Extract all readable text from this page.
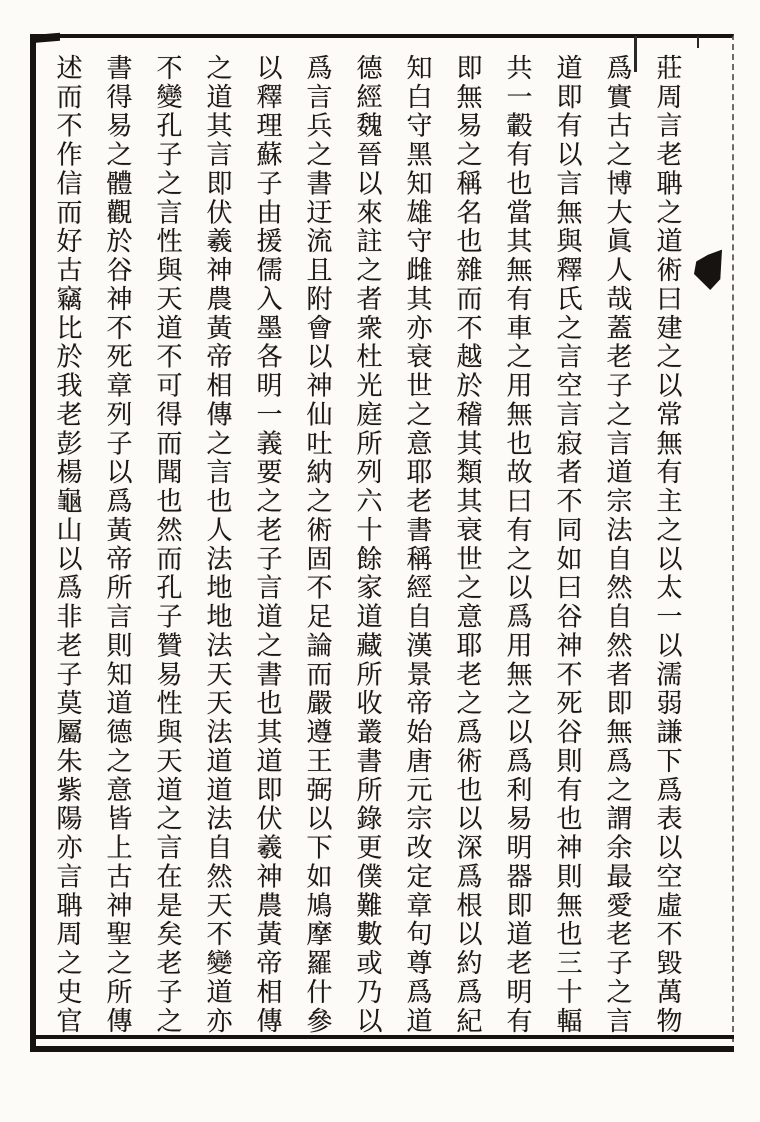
莊周言老聃之道術曰建之以常無有主之以太一以濡弱謙下爲表以空虛不毀萬物
爲實古之博大眞人哉蓋老子之言道宗法自然自然者即無爲之謂余最愛老子之言
道即有以言無與釋氏之言空言寂者不同如曰谷神不死谷則有也神則無也三十輻
共一轂有也當其無有車之用無也故曰有之以爲用無之以爲利易明器即道老明有
即無易之稱名也雜而不越於稽其類其衰世之意耶老之爲術也以深爲根以約爲紀
知白守黑知雄守雌其亦衰世之意耶老書稱經自漢景帝始唐元宗改定章句尊爲道
德經魏晉以來註之者衆杜光庭所列六十餘家道藏所收叢書所錄更僕難數或乃以
爲言兵之書迂流且附會以神仙吐納之術固不足論而嚴遵王弼以下如鳩摩羅什參
以釋理蘇子由援儒入墨各明一義要之老子言道之書也其道即伏羲神農黃帝相傳
之道其言即伏羲神農黃帝相傳之言也人法地地法天天法道道法自然天不變道亦
不變孔子之言性與天道不可得而聞也然而孔子贊易性與天道之言在是矣老子之
書得易之體觀於谷神不死章列子以爲黃帝所言則知道德之意皆上古神聖之所傳
述而不作信而好古竊比於我老彭楊龜山以爲非老子莫屬朱紫陽亦言聃周之史官
